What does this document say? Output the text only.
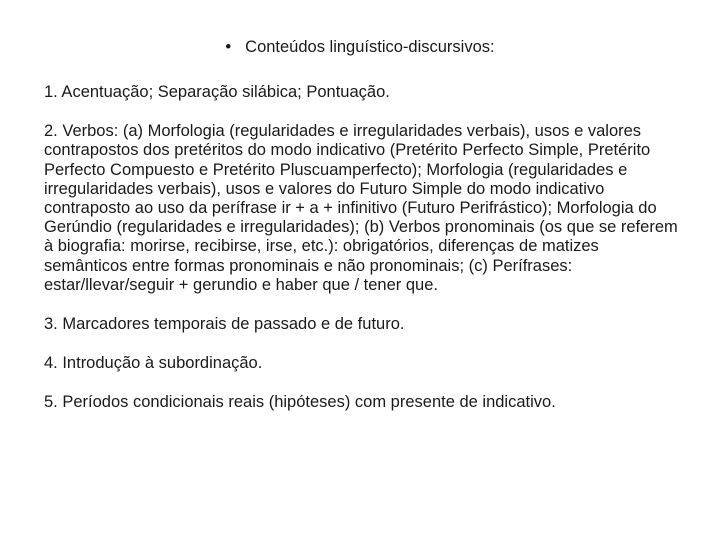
• Conteúdos linguístico-discursivos:

1. Acentuação; Separação silábica; Pontuação.

2. Verbos: (a) Morfologia (regularidades e irregularidades verbais), usos e valores contrapostos dos pretéritos do modo indicativo (Pretérito Perfecto Simple, Pretérito Perfecto Compuesto e Pretérito Pluscuamperfecto); Morfologia (regularidades e irregularidades verbais), usos e valores do Futuro Simple do modo indicativo contraposto ao uso da perífrase ir + a + infinitivo (Futuro Perifrástico); Morfologia do Gerúndio (regularidades e irregularidades); (b) Verbos pronominais (os que se referem à biografia: morirse, recibirse, irse, etc.): obrigatórios, diferenças de matizes semânticos entre formas pronominais e não pronominais; (c) Perífrases: estar/llevar/seguir + gerundio e haber que / tener que.

3. Marcadores temporais de passado e de futuro.

4. Introdução à subordinação.

5. Períodos condicionais reais (hipóteses) com presente de indicativo.
